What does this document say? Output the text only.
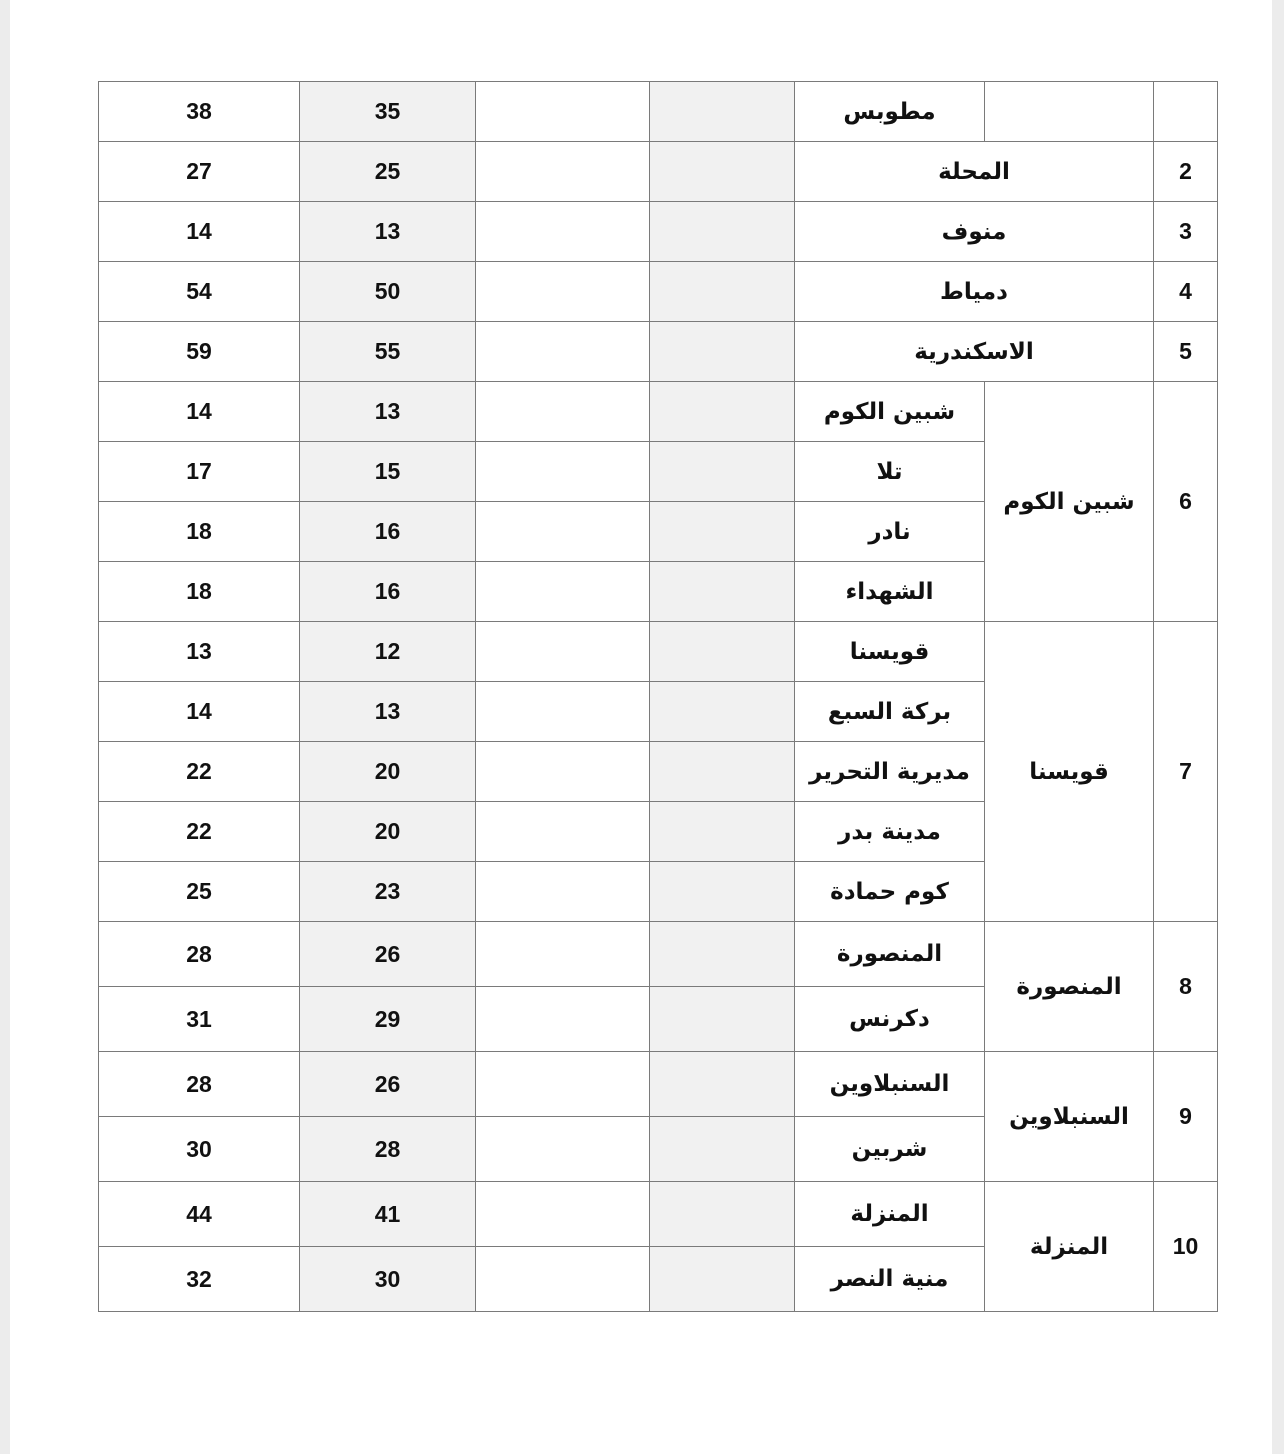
38	35			مطوبس		
27	25			المحلة		2
14	13			منوف		3
54	50			دمياط		4
59	55			الاسكندرية		5
14	13			شبين الكوم	شبين الكوم	6
17	15			تلا		
18	16			نادر		
18	16			الشهداء		
13	12			قويسنا	قويسنا	7
14	13			بركة السبع		
22	20			مديرية التحرير		
22	20			مدينة بدر		
25	23			كوم حمادة		
28	26			المنصورة	المنصورة	8
31	29			دكرنس		
28	26			السنبلاوين	السنبلاوين	9
30	28			شربين		
44	41			المنزلة	المنزلة	10
32	30			منية النصر		
